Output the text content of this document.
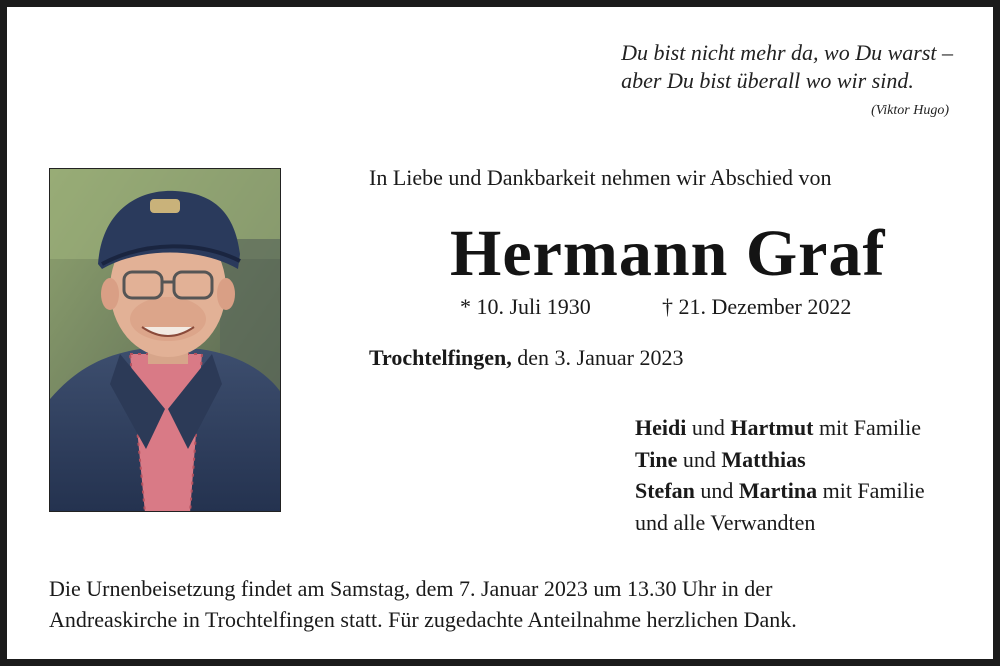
Du bist nicht mehr da, wo Du warst –
aber Du bist überall wo wir sind.
(Viktor Hugo)
In Liebe und Dankbarkeit nehmen wir Abschied von
Hermann Graf
* 10. Juli 1930	† 21. Dezember 2022
Trochtelfingen, den 3. Januar 2023
Heidi und Hartmut mit Familie
Tine und Matthias
Stefan und Martina mit Familie
und alle Verwandten
Die Urnenbeisetzung findet am Samstag, dem 7. Januar 2023 um 13.30 Uhr in der
Andreaskirche in Trochtelfingen statt. Für zugedachte Anteilnahme herzlichen Dank.
